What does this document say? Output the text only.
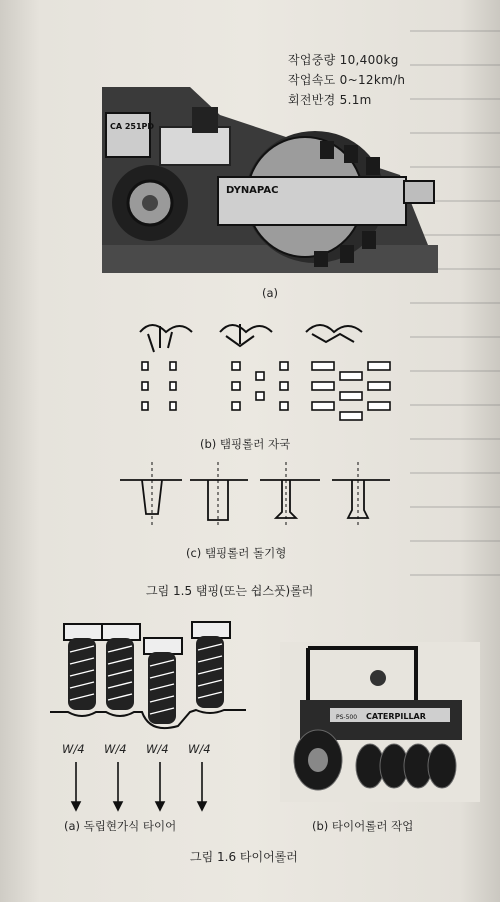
작업중량 10,400kg
작업속도 0~12km/h
회전반경 5.1m
CA 251PD
DYNAPAC
(a)
(b) 탬핑롤러 자국
(c) 탬핑롤러 돌기형
그림 1.5 탬핑(또는 쉽스풋)롤러
W/4 W/4 W/4 W/4
(a) 독립현가식 타이어
CATERPILLAR
PS-500
(b) 타이어롤러 작업
그림 1.6 타이어롤러
